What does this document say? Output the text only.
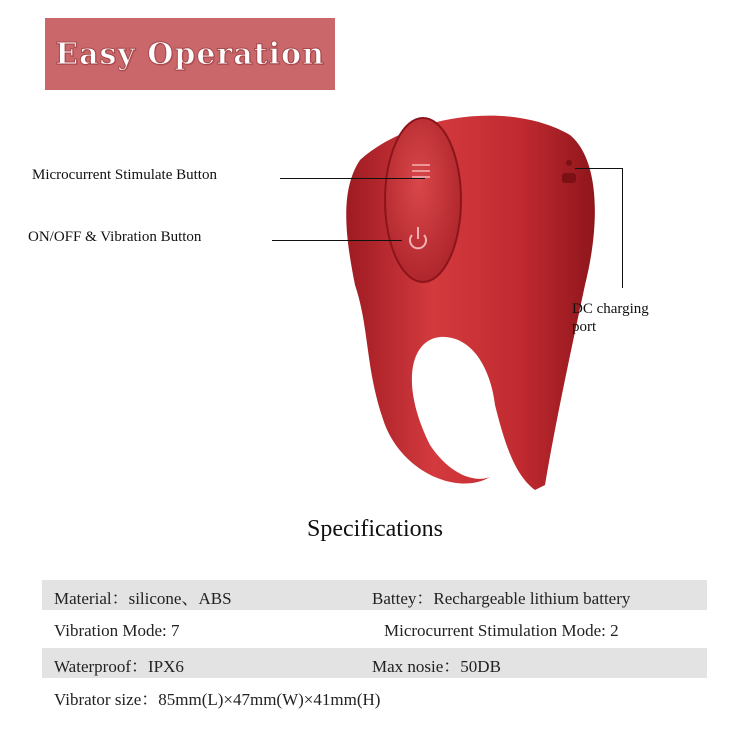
Easy Operation
Microcurrent Stimulate Button
ON/OFF & Vibration Button
DC charging
port
Specifications
Material：silicone、ABS	Battey：Rechargeable lithium battery
Vibration Mode: 7	Microcurrent Stimulation Mode: 2
Waterproof：IPX6	Max nosie：50DB
Vibrator size：85mm(L)×47mm(W)×41mm(H)
